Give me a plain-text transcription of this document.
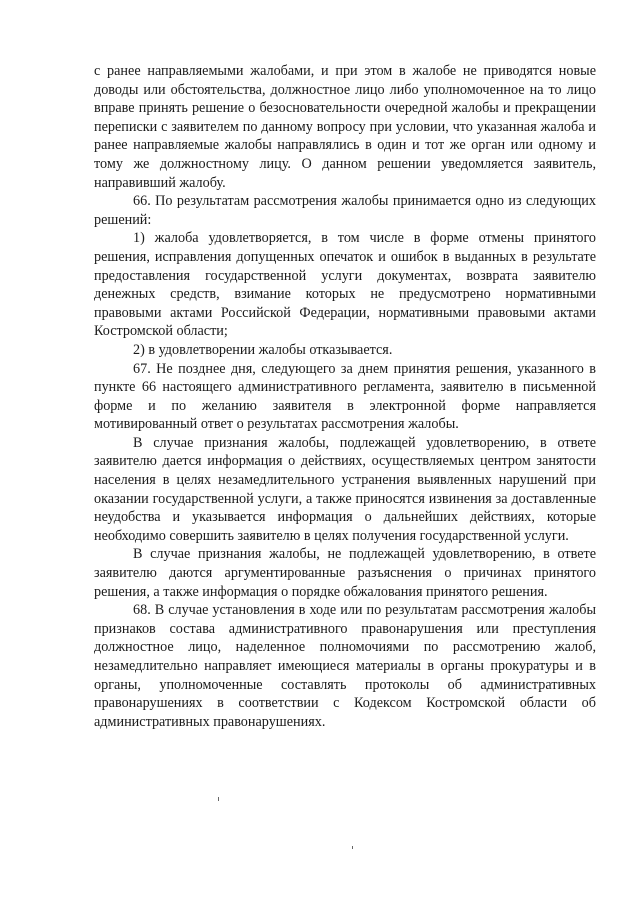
с ранее направляемыми жалобами, и при этом в жалобе не приводятся новые доводы или обстоятельства, должностное лицо либо уполномоченное на то лицо вправе принять решение о безосновательности очередной жалобы и прекращении переписки с заявителем по данному вопросу при условии, что указанная жалоба и ранее направляемые жалобы направлялись в один и тот же орган или одному и тому же должностному лицу. О данном решении уведомляется заявитель, направивший жалобу.

66. По результатам рассмотрения жалобы принимается одно из следующих решений:

1) жалоба удовлетворяется, в том числе в форме отмены принятого решения, исправления допущенных опечаток и ошибок в выданных в результате предоставления государственной услуги документах, возврата заявителю денежных средств, взимание которых не предусмотрено нормативными правовыми актами Российской Федерации, нормативными правовыми актами Костромской области;

2) в удовлетворении жалобы отказывается.

67. Не позднее дня, следующего за днем принятия решения, указанного в пункте 66 настоящего административного регламента, заявителю в письменной форме и по желанию заявителя в электронной форме направляется мотивированный ответ о результатах рассмотрения жалобы.

В случае признания жалобы, подлежащей удовлетворению, в ответе заявителю дается информация о действиях, осуществляемых центром занятости населения в целях незамедлительного устранения выявленных нарушений при оказании государственной услуги, а также приносятся извинения за доставленные неудобства и указывается информация о дальнейших действиях, которые необходимо совершить заявителю в целях получения государственной услуги.

В случае признания жалобы, не подлежащей удовлетворению, в ответе заявителю даются аргументированные разъяснения о причинах принятого решения, а также информация о порядке обжалования принятого решения.

68. В случае установления в ходе или по результатам рассмотрения жалобы признаков состава административного правонарушения или преступления должностное лицо, наделенное полномочиями по рассмотрению жалоб, незамедлительно направляет имеющиеся материалы в органы прокуратуры и в органы, уполномоченные составлять протоколы об административных правонарушениях в соответствии с Кодексом Костромской области об административных правонарушениях.
